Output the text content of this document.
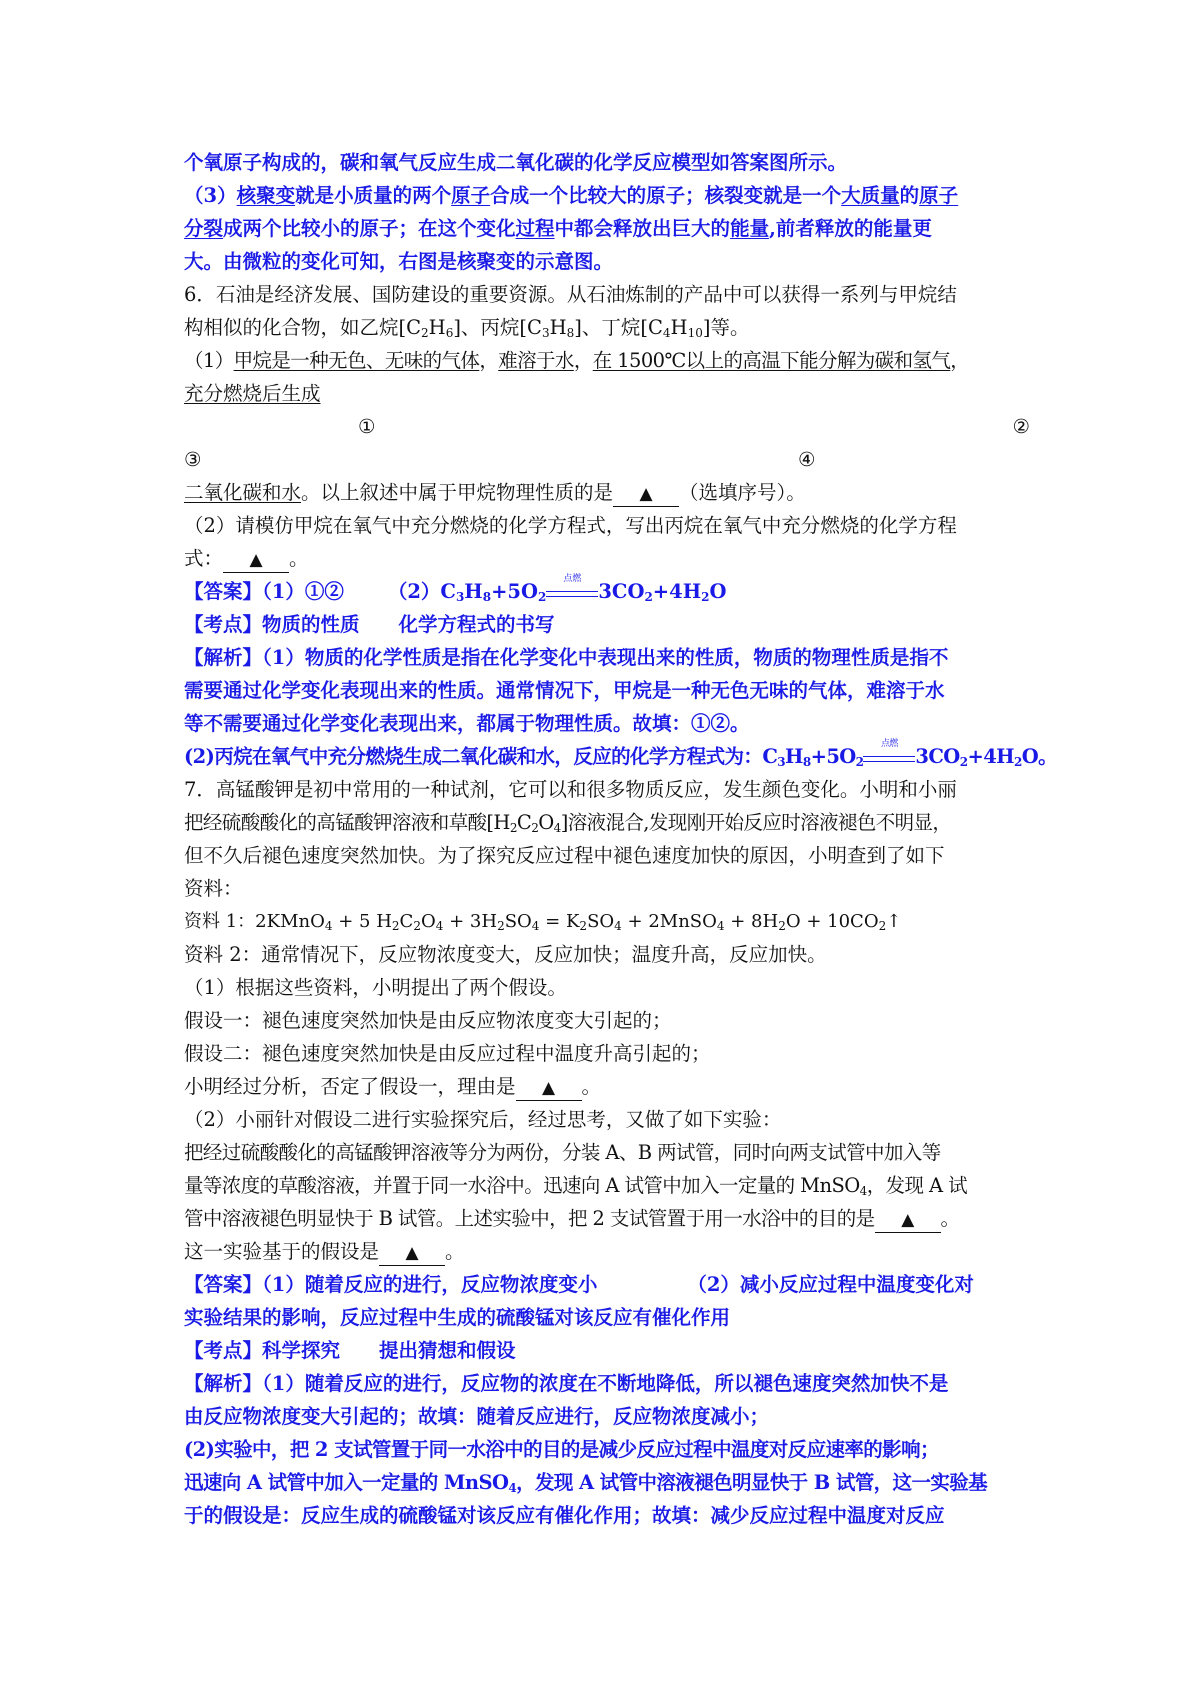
个氧原子构成的，碳和氧气反应生成二氧化碳的化学反应模型如答案图所示。
（3）核聚变就是小质量的两个原子合成一个比较大的原子；核裂变就是一个大质量的原子
分裂成两个比较小的原子；在这个变化过程中都会释放出巨大的能量,前者释放的能量更
大。由微粒的变化可知，右图是核聚变的示意图。
6．石油是经济发展、国防建设的重要资源。从石油炼制的产品中可以获得一系列与甲烷结
构相似的化合物，如乙烷$[C_2H_6]$、丙烷$[C_3H_8]$、丁烷$[C_4H_{10}]$等。
（1）甲烷是一种无色、无味的气体，难溶于水，在 1500℃以上的高温下能分解为碳和氢气，
充分燃烧后生成
①	②
③	④
二氧化碳和水。以上叙述中属于甲烷物理性质的是 ▲ （选填序号）。
（2）请模仿甲烷在氧气中充分燃烧的化学方程式，写出丙烷在氧气中充分燃烧的化学方程
式： ▲ 。
【答案】（1）①② $(2)C_3H_8+5O_2$
点燃
$3CO_2+4H_2O$
【考点】物质的性质　　化学方程式的书写
【解析】（1）物质的化学性质是指在化学变化中表现出来的性质，物质的物理性质是指不
需要通过化学变化表现出来的性质。通常情况下，甲烷是一种无色无味的气体，难溶于水
等不需要通过化学变化表现出来，都属于物理性质。故填：①②。
(2)丙烷在氧气中充分燃烧生成二氧化碳和水，反应的化学方程式为：$C_3H_8+5O_2$
点燃
$3CO_2+4H_2O$。
7．高锰酸钾是初中常用的一种试剂，它可以和很多物质反应，发生颜色变化。小明和小丽
把经硫酸酸化的高锰酸钾溶液和草酸$[H_2C_2O_4]$溶液混合,发现刚开始反应时溶液褪色不明显，
但不久后褪色速度突然加快。为了探究反应过程中褪色速度加快的原因，小明查到了如下
资料：
资料 1：2KMnO$_4$ + 5 $H_2C_2O_4 + 3H_2SO_4 = K_2SO_4$ + 2MnSO$_4$ + $8H_2O$ + $10CO_2↑$
资料 2：通常情况下，反应物浓度变大，反应加快；温度升高，反应加快。
（1）根据这些资料，小明提出了两个假设。
假设一：褪色速度突然加快是由反应物浓度变大引起的；
假设二：褪色速度突然加快是由反应过程中温度升高引起的；
小明经过分析，否定了假设一，理由是 ▲ 。
（2）小丽针对假设二进行实验探究后，经过思考，又做了如下实验：
把经过硫酸酸化的高锰酸钾溶液等分为两份，分装 A、B 两试管，同时向两支试管中加入等
量等浓度的草酸溶液，并置于同一水浴中。迅速向 A 试管中加入一定量的 MnSO$_4$，发现 A 试
管中溶液褪色明显快于 B 试管。上述实验中，把 2 支试管置于用一水浴中的目的是 ▲ 。
这一实验基于的假设是 ▲ 。
【答案】（1）随着反应的进行，反应物浓度变小	（2）减小反应过程中温度变化对
实验结果的影响，反应过程中生成的硫酸锰对该反应有催化作用
【考点】科学探究　　提出猜想和假设
【解析】（1）随着反应的进行，反应物的浓度在不断地降低，所以褪色速度突然加快不是
由反应物浓度变大引起的；故填：随着反应进行，反应物浓度减小；
(2)实验中，把 2 支试管置于同一水浴中的目的是减少反应过程中温度对反应速率的影响；
迅速向 A 试管中加入一定量的 MnSO$_4$，发现 A 试管中溶液褪色明显快于 B 试管，这一实验基
于的假设是：反应生成的硫酸锰对该反应有催化作用；故填：减少反应过程中温度对反应
